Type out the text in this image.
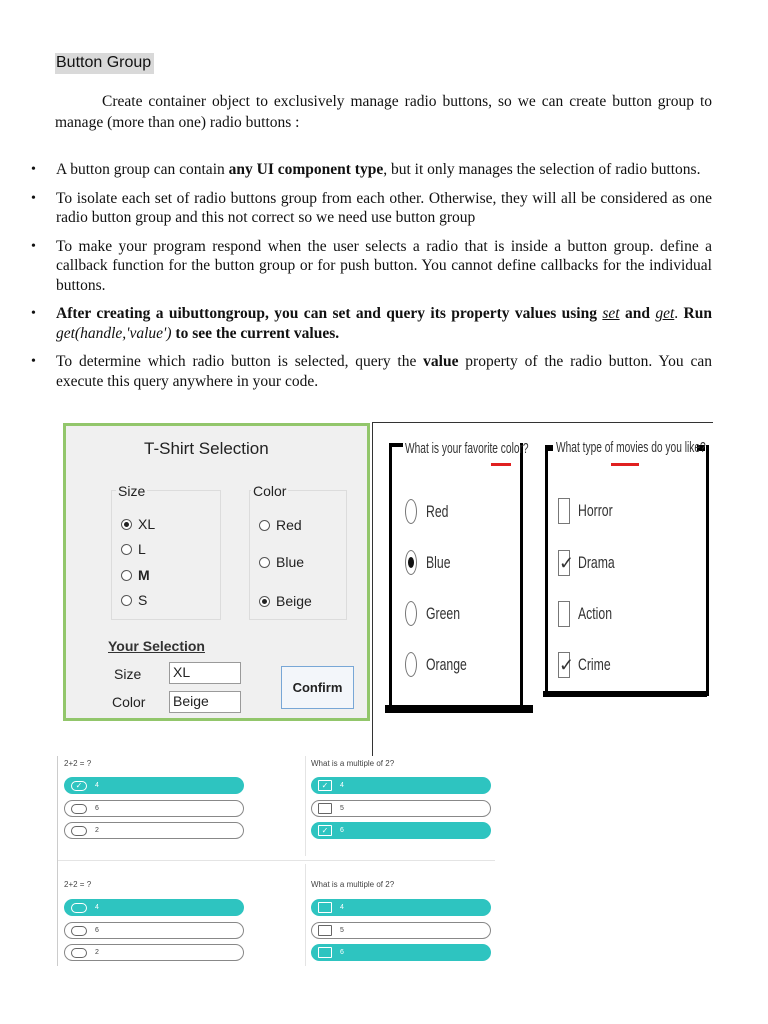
Button Group
Create container object to exclusively manage radio buttons, so we can create button group to manage (more than one) radio buttons :
• A button group can contain any UI component type, but it only manages the selection of radio buttons.
• To isolate each set of radio buttons group from each other. Otherwise, they will all be considered as one radio button group and this not correct so we need use button group
• To make your program respond when the user selects a radio that is inside a button group. define a callback function for the button group or for push button. You cannot define callbacks for the individual buttons.
• After creating a uibuttongroup, you can set and query its property values using set and get. Run get(handle,'value') to see the current values.
• To determine which radio button is selected, query the value property of the radio button. You can execute this query anywhere in your code.
T-Shirt Selection
Size	Color
XL
L
M
S
Red
Blue
Beige
Your Selection
Size XL
Color Beige
Confirm
What is your favorite color?
Red
Blue
Green
Orange
What type of movies do you like?
Horror
✓ Drama
Action
✓ Crime
2+2 = ?
✓	4
6
2
What is a multiple of 2?
✓	4
5
✓	6
2+2 = ?
4
6
2
What is a multiple of 2?
4
5
6
